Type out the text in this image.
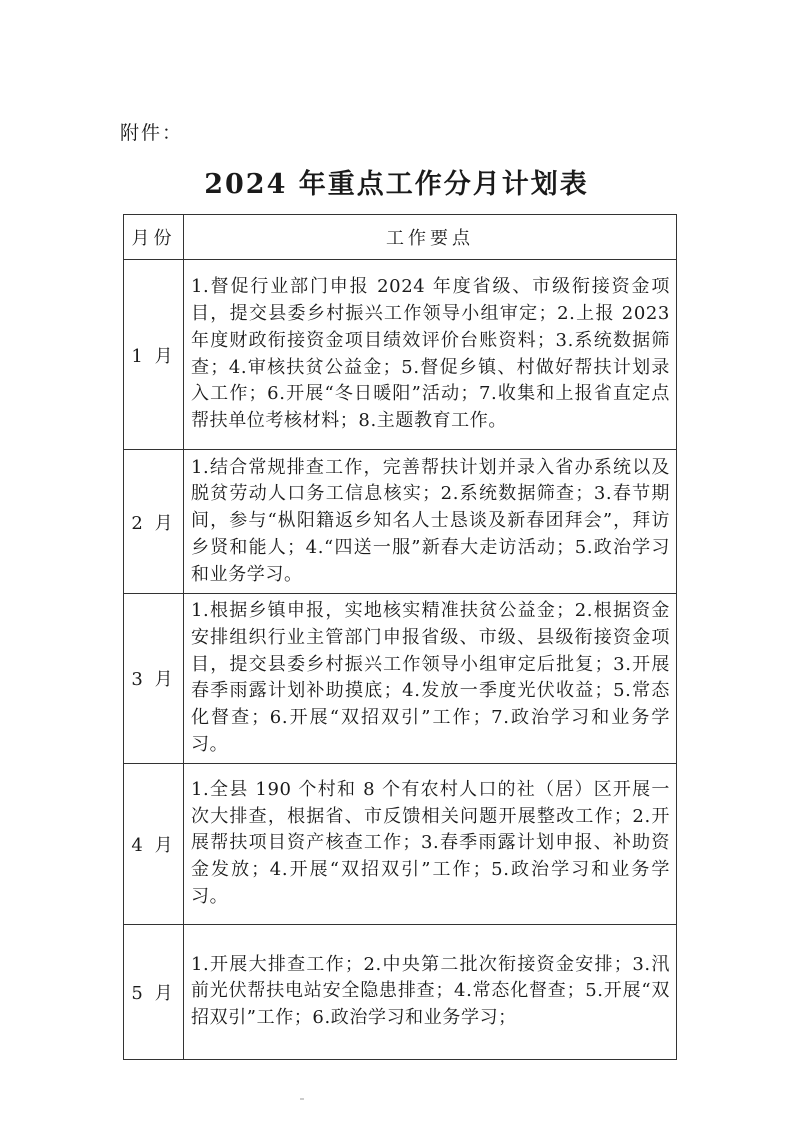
附件：
2024 年重点工作分月计划表
月份	工作要点
1 月	1.督促行业部门申报 2024 年度省级、市级衔接资金项目，提交县委乡村振兴工作领导小组审定；2.上报 2023 年度财政衔接资金项目绩效评价台账资料；3.系统数据筛查；4.审核扶贫公益金；5.督促乡镇、村做好帮扶计划录入工作；6.开展“冬日暖阳”活动；7.收集和上报省直定点帮扶单位考核材料；8.主题教育工作。
2 月	1.结合常规排查工作，完善帮扶计划并录入省办系统以及脱贫劳动人口务工信息核实；2.系统数据筛查；3.春节期间，参与“枞阳籍返乡知名人士恳谈及新春团拜会”，拜访乡贤和能人；4.“四送一服”新春大走访活动；5.政治学习和业务学习。
3 月	1.根据乡镇申报，实地核实精准扶贫公益金；2.根据资金安排组织行业主管部门申报省级、市级、县级衔接资金项目，提交县委乡村振兴工作领导小组审定后批复；3.开展春季雨露计划补助摸底；4.发放一季度光伏收益；5.常态化督查；6.开展“双招双引”工作；7.政治学习和业务学习。
4 月	1.全县 190 个村和 8 个有农村人口的社（居）区开展一次大排查，根据省、市反馈相关问题开展整改工作；2.开展帮扶项目资产核查工作；3.春季雨露计划申报、补助资金发放；4.开展“双招双引”工作；5.政治学习和业务学习。
5 月	1.开展大排查工作；2.中央第二批次衔接资金安排；3.汛前光伏帮扶电站安全隐患排查；4.常态化督查；5.开展“双招双引”工作；6.政治学习和业务学习；
